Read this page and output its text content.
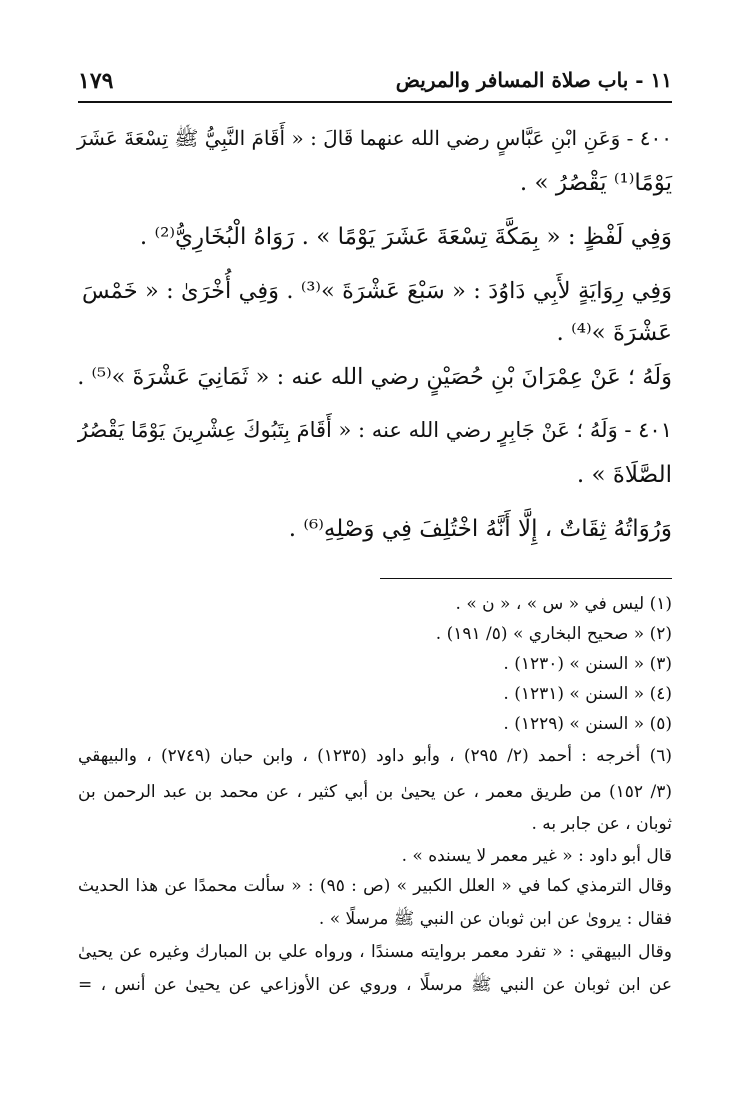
١١ - باب صلاة المسافر والمريض
١٧٩
٤٠٠ - وَعَنِ ابْنِ عَبَّاسٍ رضي الله عنهما قَالَ : « أَقَامَ النَّبِيُّ ﷺ تِسْعَةَ عَشَرَ
يَوْمًا⁽¹⁾ يَقْصُرُ » .
وَفِي لَفْظٍ : « بِمَكَّةَ تِسْعَةَ عَشَرَ يَوْمًا » . رَوَاهُ الْبُخَارِيُّ⁽²⁾ .
وَفِي رِوَايَةٍ لأَبِي دَاوُدَ : « سَبْعَ عَشْرَةَ »⁽³⁾ . وَفِي أُخْرَىٰ : « خَمْسَ
عَشْرَةَ »⁽⁴⁾ .
وَلَهُ ؛ عَنْ عِمْرَانَ بْنِ حُصَيْنٍ رضي الله عنه : « ثَمَانِيَ عَشْرَةَ »⁽⁵⁾ .
٤٠١ - وَلَهُ ؛ عَنْ جَابِرٍ رضي الله عنه : « أَقَامَ بِتَبُوكَ عِشْرِينَ يَوْمًا يَقْصُرُ
الصَّلَاةَ » .
وَرُوَاتُهُ ثِقَاتٌ ، إِلَّا أَنَّهُ اخْتُلِفَ فِي وَصْلِهِ⁽⁶⁾ .
(١) ليس في « س » ، « ن » .
(٢) « صحيح البخاري » (٥/ ١٩١) .
(٣) « السنن » (١٢٣٠) .
(٤) « السنن » (١٢٣١) .
(٥) « السنن » (١٢٢٩) .
(٦) أخرجه : أحمد (٢/ ٢٩٥) ، وأبو داود (١٢٣٥) ، وابن حبان (٢٧٤٩) ، والبيهقي
(٣/ ١٥٢) من طريق معمر ، عن يحيىٰ بن أبي كثير ، عن محمد بن عبد الرحمن بن
ثوبان ، عن جابر به .
قال أبو داود : « غير معمر لا يسنده » .
وقال الترمذي كما في « العلل الكبير » (ص : ٩٥) : « سألت محمدًا عن هذا الحديث
فقال : يروىٰ عن ابن ثوبان عن النبي ﷺ مرسلًا » .
وقال البيهقي : « تفرد معمر بروايته مسندًا ، ورواه علي بن المبارك وغيره عن يحيىٰ
عن ابن ثوبان عن النبي ﷺ مرسلًا ، وروي عن الأوزاعي عن يحيىٰ عن أنس ، =
